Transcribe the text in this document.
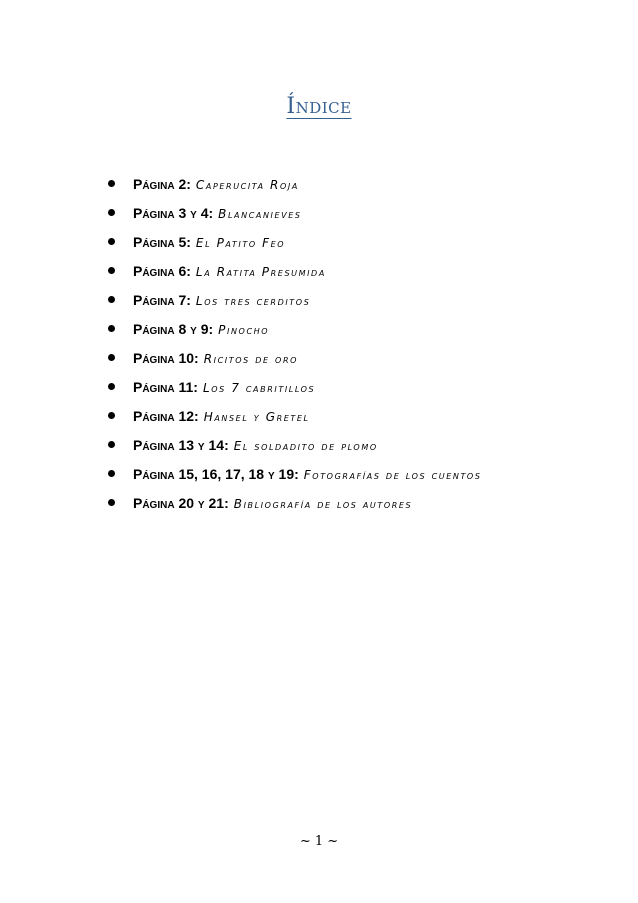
Índice
Página 2: Caperucita Roja
Página 3 Y 4: Blancanieves
Página 5: El Patito Feo
Página 6: La Ratita Presumida
Página 7: Los tres cerditos
Página 8 Y 9: Pinocho
Página 10: Ricitos de oro
Página 11: Los 7 cabritillos
Página 12: Hansel y Gretel
Página 13 Y 14: El soldadito de plomo
Página 15, 16, 17, 18 Y 19: Fotografías de los cuentos
Página 20 Y 21: Bibliografía de los autores
~ 1 ~
